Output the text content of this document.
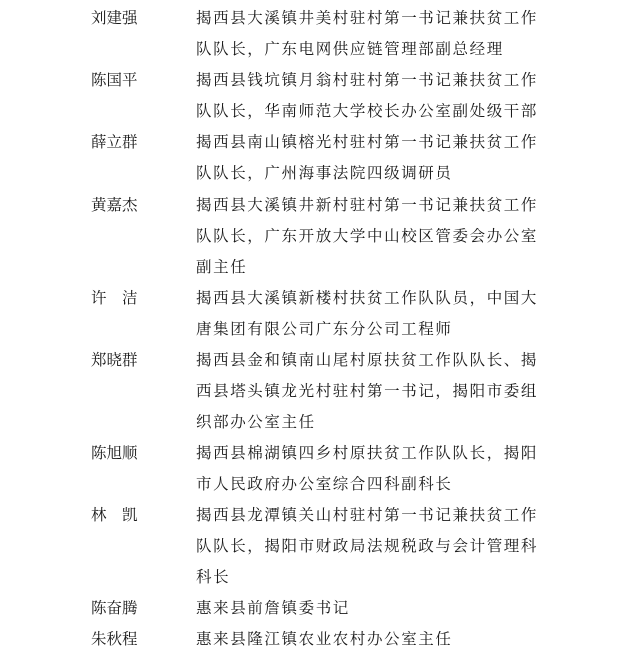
刘建强	揭西县大溪镇井美村驻村第一书记兼扶贫工作
队队长，广东电网供应链管理部副总经理
陈国平	揭西县钱坑镇月翁村驻村第一书记兼扶贫工作
队队长，华南师范大学校长办公室副处级干部
薛立群	揭西县南山镇榕光村驻村第一书记兼扶贫工作
队队长，广州海事法院四级调研员
黄嘉杰	揭西县大溪镇井新村驻村第一书记兼扶贫工作
队队长，广东开放大学中山校区管委会办公室
副主任
许　洁	揭西县大溪镇新楼村扶贫工作队队员，中国大
唐集团有限公司广东分公司工程师
郑晓群	揭西县金和镇南山尾村原扶贫工作队队长、揭
西县塔头镇龙光村驻村第一书记，揭阳市委组
织部办公室主任
陈旭顺	揭西县棉湖镇四乡村原扶贫工作队队长，揭阳
市人民政府办公室综合四科副科长
林　凯	揭西县龙潭镇关山村驻村第一书记兼扶贫工作
队队长，揭阳市财政局法规税政与会计管理科
科长
陈奋腾	惠来县前詹镇委书记
朱秋程	惠来县隆江镇农业农村办公室主任
